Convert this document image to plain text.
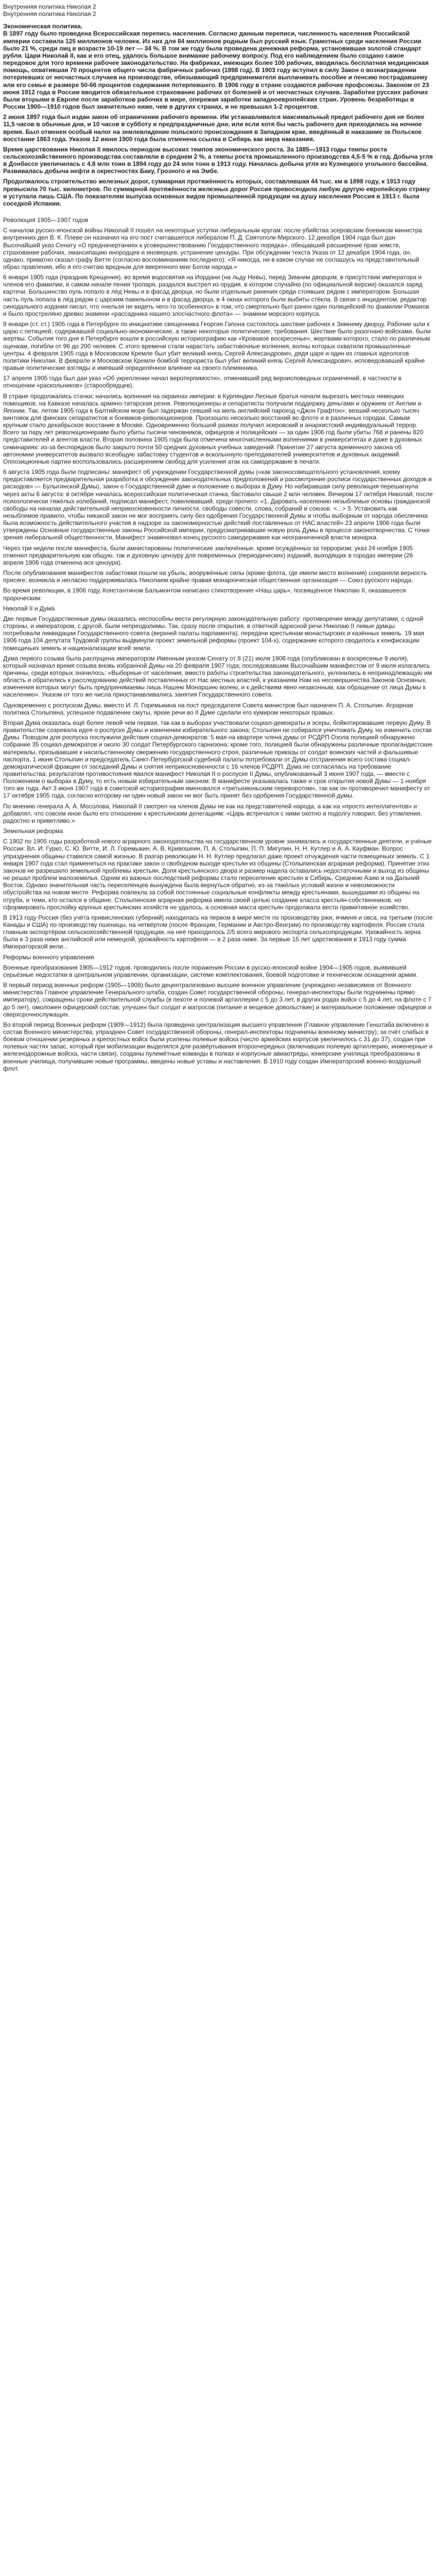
Внутренняя политика Николая 2
Внутренняя политика Николая 2
Экономическая политика.

В 1897 году было проведена Всероссийская перепись населения. Согласно данным переписи, численность населения Российской империи составила 125 миллионов человек. Из них для 84 миллионов родным был русский язык. Грамотных среди населения России было 21 %, среди лиц в возрасте 10-19 лет — 34 %. В том же году была проведена денежная реформа, установившая золотой стандарт рубля. Цари Николай II, как и его отец, удалось большое внимание рабочему вопросу. Под его наблюдением было создано самое передовое для того времени рабочее законодательство. На фабриках, имеющих более 100 рабочих, вводилась бесплатная медицинская помощь, охватившая 70 процентов общего числа фабричных рабочих (1898 год). В 1903 году вступил в силу Закон о вознаграждении потерпевших от несчастных случаев на производстве, обязывающий предпринимателя выплачивать пособие и пенсию пострадавшему или его семье в размере 50-66 процентов содержания потерпевшего. В 1906 году в стране создаются рабочие профсоюзы. Законом от 23 июня 1912 года в России вводится обязательное страхование рабочих от болезней и от несчастных случаев. Заработки русских рабочих были вторыми в Европе после заработков рабочих в мире, опережая заработки западноевропейских стран. Уровень безработицы в России 1900—1910 годов был значительно ниже, чем в других странах, и не превышал 1-2 процентов.

2 июня 1897 года был издан закон об ограничении рабочего времени. Им устанавливался максимальный предел рабочего дня не более 11,5 часов в обычные дни, и 10 часов в субботу и предпраздничные дни, или если хотя бы часть рабочего дня приходилась на ночное время. Был отменен особый налог на землевладение польского происхождения в Западном крае, введённый в наказание за Польское восстание 1863 года. Указом 12 июня 1900 года была отменена ссылка в Сибирь как мера наказания.

Время царствования Николая II явилось периодом высоких темпов экономического роста. За 1885—1913 годы темпы роста сельскохозяйственного производства составляли в среднем 2 %, а темпы роста промышленного производства 4,5-5 % в год. Добыча угля в Донбассе увеличилась с 4,8 млн тонн в 1894 году до 24 млн тонн в 1913 году. Началась добыча угля из Кузнецкого угольного бассейна. Развивалась добыча нефти в окрестностях Баку, Грозного и на Эмбе.

Продолжалось строительство железных дорог, суммарная протяжённость которых, составлявшая 44 тыс. км в 1898 году, к 1913 году превысила 70 тыс. километров. По суммарной протяжённости железных дорог Россия превосходила любую другую европейскую страну и уступала лишь США. По показателям выпуска основных видов промышленной продукции на душу населения Россия в 1913 г. была соседкой Испании.

Революция 1905—1907 годов

С началом русско-японской войны Николай II пошёл на некоторые уступки либеральным кругам: после убийства эсеровским боевиком министра внутренних дел В. К. Плеве он назначил на его пост считавшегося либералом П. Д. Святополк-Мирского. 12 декабря 1904 года был дан Высочайший указ Сенату «О предначертаниях к усовершенствованию Государственного порядка», обещавший расширение прав земств, страхование рабочих, эмансипацию инородцев и иноверцев, устранение цензуры. При обсуждении текста Указа от 12 декабря 1904 года, он, однако, приватно сказал графу Витте (согласно воспоминаниям последнего): «Я никогда, ни в каком случае не соглашусь на представительный образ правления, ибо я его считаю вредным для вверенного мне Богом народа.»

6 января 1905 года (праздник Крещения), во время водосвятия на Иордани (на льду Невы), перед Зимним дворцом, в присутствии императора и членов его фамилии, в самом начале пения тропаря, раздался выстрел из орудия, в котором случайно (по официальной версии) оказался заряд картечи. Большинство пуль попало в лёд Невы и в фасад дворца, но были отдельные ранения среди стоявших рядом с императором. Большая часть пуль попала в лёд рядом с царским павильоном и в фасад дворца, в 4 окнах которого были выбиты стёкла. В связи с инцидентом, редактор синодального издания писал, что «нельзя не видеть чего-то особенного» в том, что смертельно был ранен один полицейский по фамилии Романов и было простреляно древко знамени «рассадника нашего злосчастного флота» — знамени морского корпуса.

9 января (ст. ст.) 1905 года в Петербурге по инициативе священника Георгия Гапона состоялось шествие рабочих к Зимнему дворцу. Рабочие шли к царю с петицией, содержавшей социально-экономические, а также некоторые политические, требования. Шествие было разогнано войсками, были жертвы. События того дня в Петербурге вошли в российскую историографию как «Кровавое воскресенье», жертвами которого, стало по различным оценкам, погибли от 96 до 200 человек. С этого времени стали нарастать забастовочные волнения, волны которых охватили промышленные центры. 4 февраля 1905 года в Московском Кремле был убит великий князь Сергей Александрович, дядя царя и один из главных идеологов политики Николая. В феврале и Московском Кремле бомбой террориста был убит великий князь Сергей Александрович, исповедовавший крайне правые политические взгляды и имевший определённое влияние на своего племянника.

17 апреля 1905 года был дан указ «Об укреплении начал веротерпимости», отменивший ряд вероисповедных ограничений, в частности в отношении «раскольников» (старообрядцев).

В стране продолжались стачки; начались волнения на окраинах империи: в Курляндии Лесные братья начали вырезать местных немецких помещиков, на Кавказе началась армяно-татарская резня. Революционеры и сепаратисты получали поддержку деньгами и оружием от Англии и Японии. Так, летом 1905 года в Балтийском море был задержан севший на мель английский пароход «Джон Графтон», везший несколько тысяч винтовок для финских сепаратистов и боевиков-революционеров. Произошло несколько восстаний во флоте и в различных городах. Самым крупным стало декабрьское восстание в Москве. Одновременно большой размах получил эсеровский и анархистский индивидуальный террор. Всего за пару лет революционерами было убиты тысячи чиновников, офицеров и полицейских — за один 1906 год были убиты 768 и ранены 820 представителей и агентов власти. Вторая половина 1905 года была отмечена многочисленными волнениями в университетах и даже в духовных семинариях: из-за беспорядков было закрыто почти 50 средних духовных учебных заведений. Принятие 27 августа временного закона об автономии университетов вызвало всеобщую забастовку студентов и всколыхнуло преподавателей университетов и духовных академий. Оппозиционные партии воспользовались расширением свобод для усиления атак на самодержавие в печати.

6 августа 1905 года были подписаны: манифест об учреждении Государственной думы («как законосовещательного установления, коему предоставляется предварительная разработка и обсуждение законодательных предположений и рассмотрение росписи государственных доходов и расходов» — Булыгинской Думы), закон о Государственной думе и положение о выборах в Думу. Но набиравшая силу революция перешагнула через акты 6 августа: в октябре началась всероссийская политическая стачка, бастовало свыше 2 млн человек. Вечером 17 октября Николай, после психологически тяжёлых колебаний, подписал манифест, повелевавший, среди прочего: «1. Даровать населению незыблемые основы гражданской свободы на началах действительной неприкосновенности личности, свободы совести, слова, собраний и союзов. <...> 3. Установить как незыблемое правило, чтобы никакой закон не мог восприять силу без одобрения Государственной Думы и чтобы выборным от народа обеспечена была возможность действительного участия в надзоре за закономерностью действий поставленных от НАС властей» 23 апреля 1906 года были утверждены Основные государственные законы Российской империи, предусматривавшие новую роль Думы в процессе законотворчества. С точки зрения либеральной общественности, Манифест знаменовал конец русского самодержавия как неограниченной власти монарха.

Через три недели после манифеста, были амнистированы политические заключённые, кроме осуждённых за терроризм; указ 24 ноября 1905 отменил предварительную как общую, так и духовную цензуру для повременных (периодических) изданий, выходящих в городах империи (26 апреля 1906 года отменена вся цензура).

После опубликования манифестов забастовки пошли на убыль; вооружённые силы (кроме флота, где имели место волнения) сохраняли верность присяге; возникла и негласно поддерживалась Николаем крайне правая монархическая общественная организация — Союз русского народа.

Во время революции, в 1906 году, Константином Бальмонтом написано стихотворение «Наш царь», посвящённое Николаю II, оказавшееся пророческим:

Николай II и Дума

Две первые Государственные думы оказались неспособны вести регулярную законодательную работу: противоречия между депутатами, с одной стороны, и императором, с другой, были непреодолимы. Так, сразу после открытия, в ответной адресной речи Николаю II левые думцы потребовали ликвидации Государственного совета (верхней палаты парламента), передачи крестьянам монастырских и казённых земель. 19 мая 1906 года 104 депутата Трудовой группы выдвинули проект земельной реформы (проект 104-х), содержание которого сводилось к конфискации помещичьих земель и национализации всей земли.

Дума первого созыва была распущена императором Именным указом Сенату от 8 (21) июля 1906 года (опубликован в воскресенье 9 июля), который назначал время созыва вновь избранной Думы на 20 февраля 1907 года; последовавшим Высочайшим манифестом от 9 июля излагались причины, среди которых значилось: «Выборные от населения, вместо работы строительства законодательного, уклонились в непринадлежащую им область и обратились к расследованию действий поставленных от Нас местных властей, к указаниям Нам на несовершенства Законов Основных, изменения которых могут быть предпринимаемы лишь Нашею Монаршею волею, и к действиям явно незаконным, как обращение от лица Думы к населению». Указом от того же числа приостанавливались занятия Государственного совета.

Одновременно с роспуском Думы, вместо И. Л. Горемыкина на пост председателя Совета министров был назначен П. А. Столыпин. Аграрная политика Столыпина, успешное подавление смуты, яркие речи во II Думе сделали его кумиром некоторых правых.

Вторая Дума оказалась ещё более левой чем первая, так как в выборах участвовали социал-демократы и эсеры, бойкотировавшие первую Думу. В правительстве созревала идея о роспуске Думы и изменении избирательного закона; Столыпин не собирался уничтожать Думу, но изменить состав Думы. Поводом для роспуска послужили действия социал-демократов: 5 мая на квартире члена думы от РСДРП Озола полицией обнаружено собрание 35 социал-демократов и около 30 солдат Петербургского гарнизона; кроме того, полицией были обнаружены различные пропагандистские материалы, призывавшие к насильственному свержению государственного строя, различные приказы от солдат воинских частей и фальшивые паспорта. 1 июня Столыпин и председатель Санкт-Петербургской судебной палаты потребовали от Думы отстранения всего состава социал-демократической фракции от заседаний Думы и снятия неприкосновенности с 16 членов РСДРП. Дума не согласилась на требование правительства; результатом противостояния явился манифест Николая II о роспуске II Думы, опубликованный 3 июня 1907 года, — вместе с Положением о выборах в Думу, то есть новым избирательным законом. В манифесте указывалась также и срок открытия новой Думы — 1 ноября того же года. Акт 3 июня 1907 года в советской историографии именовался «третьеиюньским переворотом», так как он противоречил манифесту от 17 октября 1905 года, согласно которому ни один новый закон не мог быть принят без одобрения Государственной думы.

По мнению генерала А. А. Мосолова, Николай II смотрел на членов Думы не как на представителей народа, а как на «просто интеллигентов» и добавлял, что совсем иное было его отношение к крестьянским делегациям: «Царь встречался с ними охотно и подолгу говорил, без утомления, радостно и приветливо.»

Земельная реформа

С 1902 по 1905 годы разработкой нового аграрного законодательства на государственном уровне занимались и государственные деятели, и учёные России: Вл. И. Гурко, С. Ю. Витте, И. Л. Горемыкин, А. В. Кривошеин, П. А. Столыпин, П. П. Мигулин, Н. Н. Кутлер и А. А. Кауфман. Вопрос упразднения общины ставился самой жизнью. В разгар революции Н. Н. Кутлер предлагал даже проект отчуждения части помещичьих земель. С 1 января 1907 года стал применяться на практике закон о свободном выходе крестьян из общины (Столыпинская аграрная реформа). Принятие этих законов не разрешило земельной проблемы крестьян. Доля крестьянского двора и размер надела оставались недостаточными и выход из общины не решал проблем малоземелья. Одним из важных последствий реформы стало переселение крестьян в Сибирь, Среднюю Азию и на Дальний Восток. Однако значительная часть переселенцев вынуждена была вернуться обратно, из-за тяжёлых условий жизни и невозможности обустройства на новом месте. Реформа повлекла за собой постоянные социальные конфликты между крестьянами, вышедшими из общины на отруба, и теми, кто остался в общине. Столыпинская аграрная реформа имела своей целью создание класса крестьян-собственников, но сформировать прослойку крупных крестьянских хозяйств не удалось, а основная масса крестьян продолжала вести примитивное хозяйство.

В 1913 году Россия (без учёта привисленских губерний) находилась на первом в мире месте по производству ржи, ячменя и овса, на третьем (после Канады и США) по производству пшеницы, на четвёртом (после Франции, Германии и Австро-Венгрии) по производству картофеля. Россия стала главным экспортёром сельскохозяйственной продукции, на неё приходилось 2/5 всего мирового экспорта сельхозпродукции. Урожайность зерна была в 3 раза ниже английской или немецкой, урожайность картофеля — в 2 раза ниже. За первые 15 лет царствования в 1913 году сумма Императорской вели...

Реформы военного управления

Военные преобразования 1905—1912 годов, проводились после поражения России в русско-японской войне 1904—1905 годов, выявившей серьёзные недостатки в центральном управлении, организации, системе комплектования, боевой подготовке и техническом оснащении армии.

В первый период военных реформ (1905—1908) было децентрализовано высшее военное управление (учреждено независимое от Военного министерства Главное управление Генерального штаба, создан Совет государственной обороны, генерал-инспекторы были подчинены прямо императору), сокращены сроки действительной службы (в пехоте и полевой артиллерии с 5 до 3 лет, в других родах войск с 5 до 4 лет, на флоте с 7 до 5 лет), омоложен офицерский состав; улучшен быт солдат и матросов (питание и вещевое довольствие) и материальное положение офицеров и сверхсрочнослужащих.

Во второй период Военных реформ (1909—1912) была проведена централизация высшего управления (Главное управление Генштаба включено в состав Военного министерства, упразднен Совет государственной обороны, генерал-инспекторы подчинены военному министру); за счёт слабых в боевом отношении резервных и крепостных войск были усилены полевые войска (число армейских корпусов увеличилось с 31 до 37), создан при полевых частях запас, который при мобилизации выделялся для развёртывания второочередных (включавших полевую артиллерию, инженерные и железнодорожные войска, части связи), созданы пулемётные команды в полках и корпусные авиаотряды, юнкерские училища преобразованы в военные училища, получившие новые программы, введены новые уставы и наставления. В 1910 году создан Императорский военно-воздушный флот.
